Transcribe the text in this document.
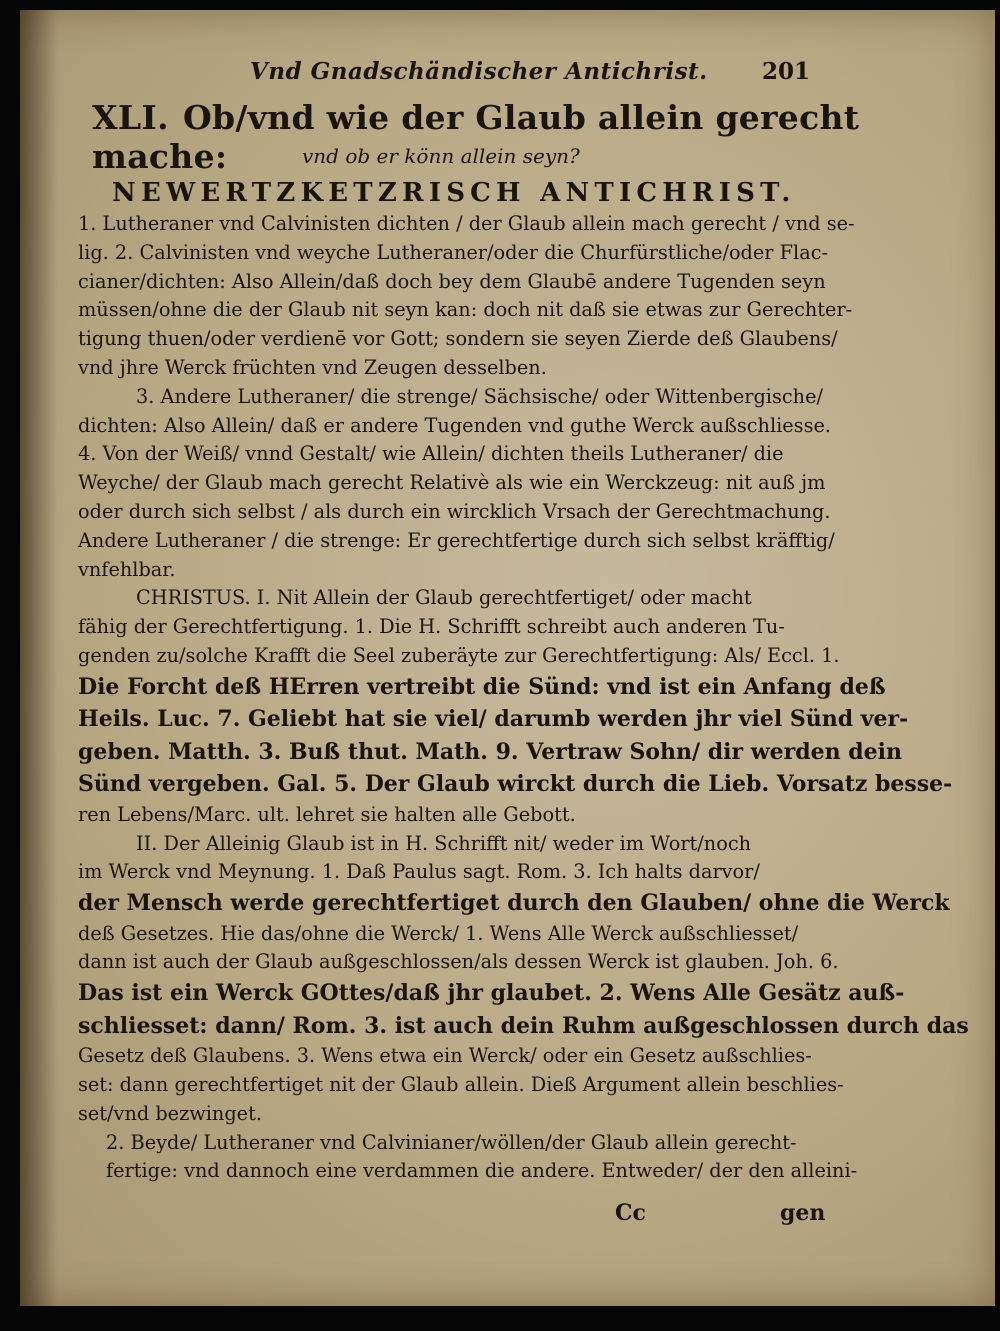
Vnd Gnadschändischer Antichrist. 201
XLI. Ob/vnd wie der Glaub allein gerecht mache:	vnd ob er könn allein seyn?
NEWERTZKETZRISCH ANTICHRIST.
1. Lutheraner vnd Calvinisten dichten / der Glaub allein mach gerecht / vnd se-
lig. 2. Calvinisten vnd weyche Lutheraner/oder die Churfürstliche/oder Flac-
cianer/dichten: Also Allein/daß doch bey dem Glaubē andere Tugenden seyn
müssen/ohne die der Glaub nit seyn kan: doch nit daß sie etwas zur Gerechter-
tigung thuen/oder verdienē vor Gott; sondern sie seyen Zierde deß Glaubens/
vnd jhre Werck früchten vnd Zeugen desselben.
3. Andere Lutheraner/ die strenge/ Sächsische/ oder Wittenbergische/
dichten: Also Allein/ daß er andere Tugenden vnd guthe Werck außschliesse.
4. Von der Weiß/ vnnd Gestalt/ wie Allein/ dichten theils Lutheraner/ die
Weyche/ der Glaub mach gerecht Relativè als wie ein Werckzeug: nit auß jm
oder durch sich selbst / als durch ein wircklich Vrsach der Gerechtmachung.
Andere Lutheraner / die strenge: Er gerechtfertige durch sich selbst kräfftig/
vnfehlbar.
CHRISTUS. I. Nit Allein der Glaub gerechtfertiget/ oder macht
fähig der Gerechtfertigung. 1. Die H. Schrifft schreibt auch anderen Tu-
genden zu/solche Krafft die Seel zuberäyte zur Gerechtfertigung: Als/ Eccl. 1.
Die Forcht deß HErren vertreibt die Sünd: vnd ist ein Anfang deß
Heils. Luc. 7. Geliebt hat sie viel/ darumb werden jhr viel Sünd ver-
geben. Matth. 3. Buß thut. Math. 9. Vertraw Sohn/ dir werden dein
Sünd vergeben. Gal. 5. Der Glaub wirckt durch die Lieb. Vorsatz besse-
ren Lebens/Marc. ult. lehret sie halten alle Gebott.
II. Der Alleinig Glaub ist in H. Schrifft nit/ weder im Wort/noch
im Werck vnd Meynung. 1. Daß Paulus sagt. Rom. 3. Ich halts darvor/
der Mensch werde gerechtfertiget durch den Glauben/ ohne die Werck
deß Gesetzes. Hie das/ohne die Werck/ 1. Wens Alle Werck außschliesset/
dann ist auch der Glaub außgeschlossen/als dessen Werck ist glauben. Joh. 6.
Das ist ein Werck GOttes/daß jhr glaubet. 2. Wens Alle Gesätz auß-
schliesset: dann/ Rom. 3. ist auch dein Ruhm außgeschlossen durch das
Gesetz deß Glaubens. 3. Wens etwa ein Werck/ oder ein Gesetz außschlies-
set: dann gerechtfertiget nit der Glaub allein. Dieß Argument allein beschlies-
set/vnd bezwinget.
2. Beyde/ Lutheraner vnd Calvinianer/wöllen/der Glaub allein gerecht-
fertige: vnd dannoch eine verdammen die andere. Entweder/ der den alleini-
Cc	gen
